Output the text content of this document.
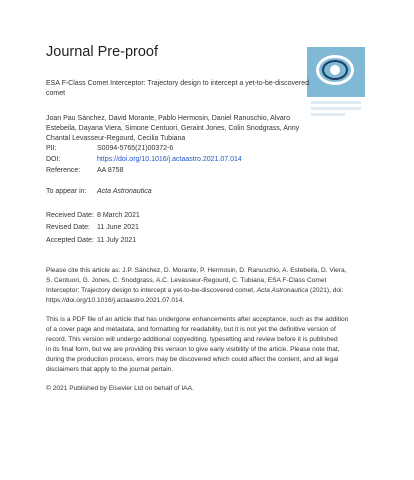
Journal Pre-proof
ESA F-Class Comet Interceptor: Trajectory design to intercept a yet-to-be-discovered
comet
Joan Pau Sánchez, David Morante, Pablo Hermosin, Daniel Ranuschio, Alvaro
Estebeila, Dayana Viera, Simone Centuori, Geraint Jones, Colin Snodgrass, Anny
Chantal Levasseur-Regourd, Cecilia Tubiana
PII:	S0094-5765(21)00372-6
DOI:	https://doi.org/10.1016/j.actaastro.2021.07.014
Reference: AA 8758
To appear in: Acta Astronautica
Received Date: 8 March 2021
Revised Date: 11 June 2021
Accepted Date: 11 July 2021
Please cite this article as: J.P. Sánchez, D. Morante, P. Hermosin, D. Ranuschio, A. Estebeila, D. Viera,
S. Centuori, G. Jones, C. Snodgrass, A.C. Levasseur-Regourd, C. Tubiana, ESA F-Class Comet
Interceptor: Trajectory design to intercept a yet-to-be-discovered comet, Acta Astronautica (2021), doi:
https://doi.org/10.1016/j.actaastro.2021.07.014.
This is a PDF file of an article that has undergone enhancements after acceptance, such as the addition
of a cover page and metadata, and formatting for readability, but it is not yet the definitive version of
record. This version will undergo additional copyediting, typesetting and review before it is published
in its final form, but we are providing this version to give early visibility of the article. Please note that,
during the production process, errors may be discovered which could affect the content, and all legal
disclaimers that apply to the journal pertain.
© 2021 Published by Elsevier Ltd on behalf of IAA.
